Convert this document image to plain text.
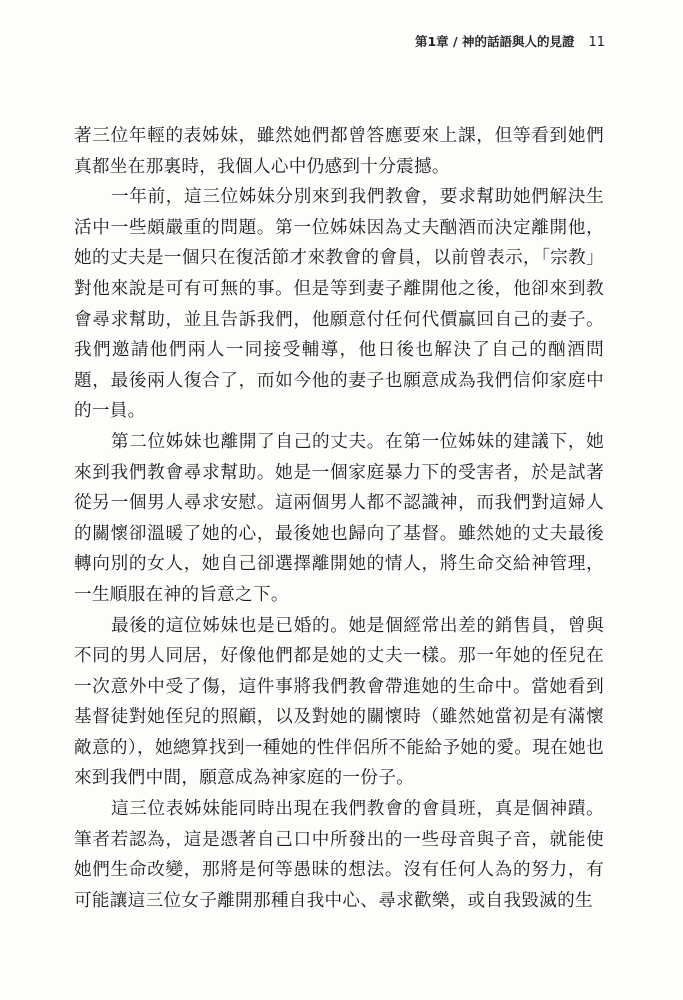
第1章 / 神的話語與人的見證 11

著三位年輕的表姊妹，雖然她們都曾答應要來上課，但等看到她們真都坐在那裏時，我個人心中仍感到十分震撼。

一年前，這三位姊妹分別來到我們教會，要求幫助她們解決生活中一些頗嚴重的問題。第一位姊妹因為丈夫酗酒而決定離開他，她的丈夫是一個只在復活節才來教會的會員，以前曾表示，「宗教」對他來說是可有可無的事。但是等到妻子離開他之後，他卻來到教會尋求幫助，並且告訴我們，他願意付任何代價贏回自己的妻子。我們邀請他們兩人一同接受輔導，他日後也解決了自己的酗酒問題，最後兩人復合了，而如今他的妻子也願意成為我們信仰家庭中的一員。

第二位姊妹也離開了自己的丈夫。在第一位姊妹的建議下，她來到我們教會尋求幫助。她是一個家庭暴力下的受害者，於是試著從另一個男人尋求安慰。這兩個男人都不認識神，而我們對這婦人的關懷卻溫暖了她的心，最後她也歸向了基督。雖然她的丈夫最後轉向別的女人，她自己卻選擇離開她的情人，將生命交給神管理，一生順服在神的旨意之下。

最後的這位姊妹也是已婚的。她是個經常出差的銷售員，曾與不同的男人同居，好像他們都是她的丈夫一樣。那一年她的侄兒在一次意外中受了傷，這件事將我們教會帶進她的生命中。當她看到基督徒對她侄兒的照顧，以及對她的關懷時（雖然她當初是有滿懷敵意的），她總算找到一種她的性伴侶所不能給予她的愛。現在她也來到我們中間，願意成為神家庭的一份子。

這三位表姊妹能同時出現在我們教會的會員班，真是個神蹟。筆者若認為，這是憑著自己口中所發出的一些母音與子音，就能使她們生命改變，那將是何等愚昧的想法。沒有任何人為的努力，有可能讓這三位女子離開那種自我中心、尋求歡樂，或自我毀滅的生
